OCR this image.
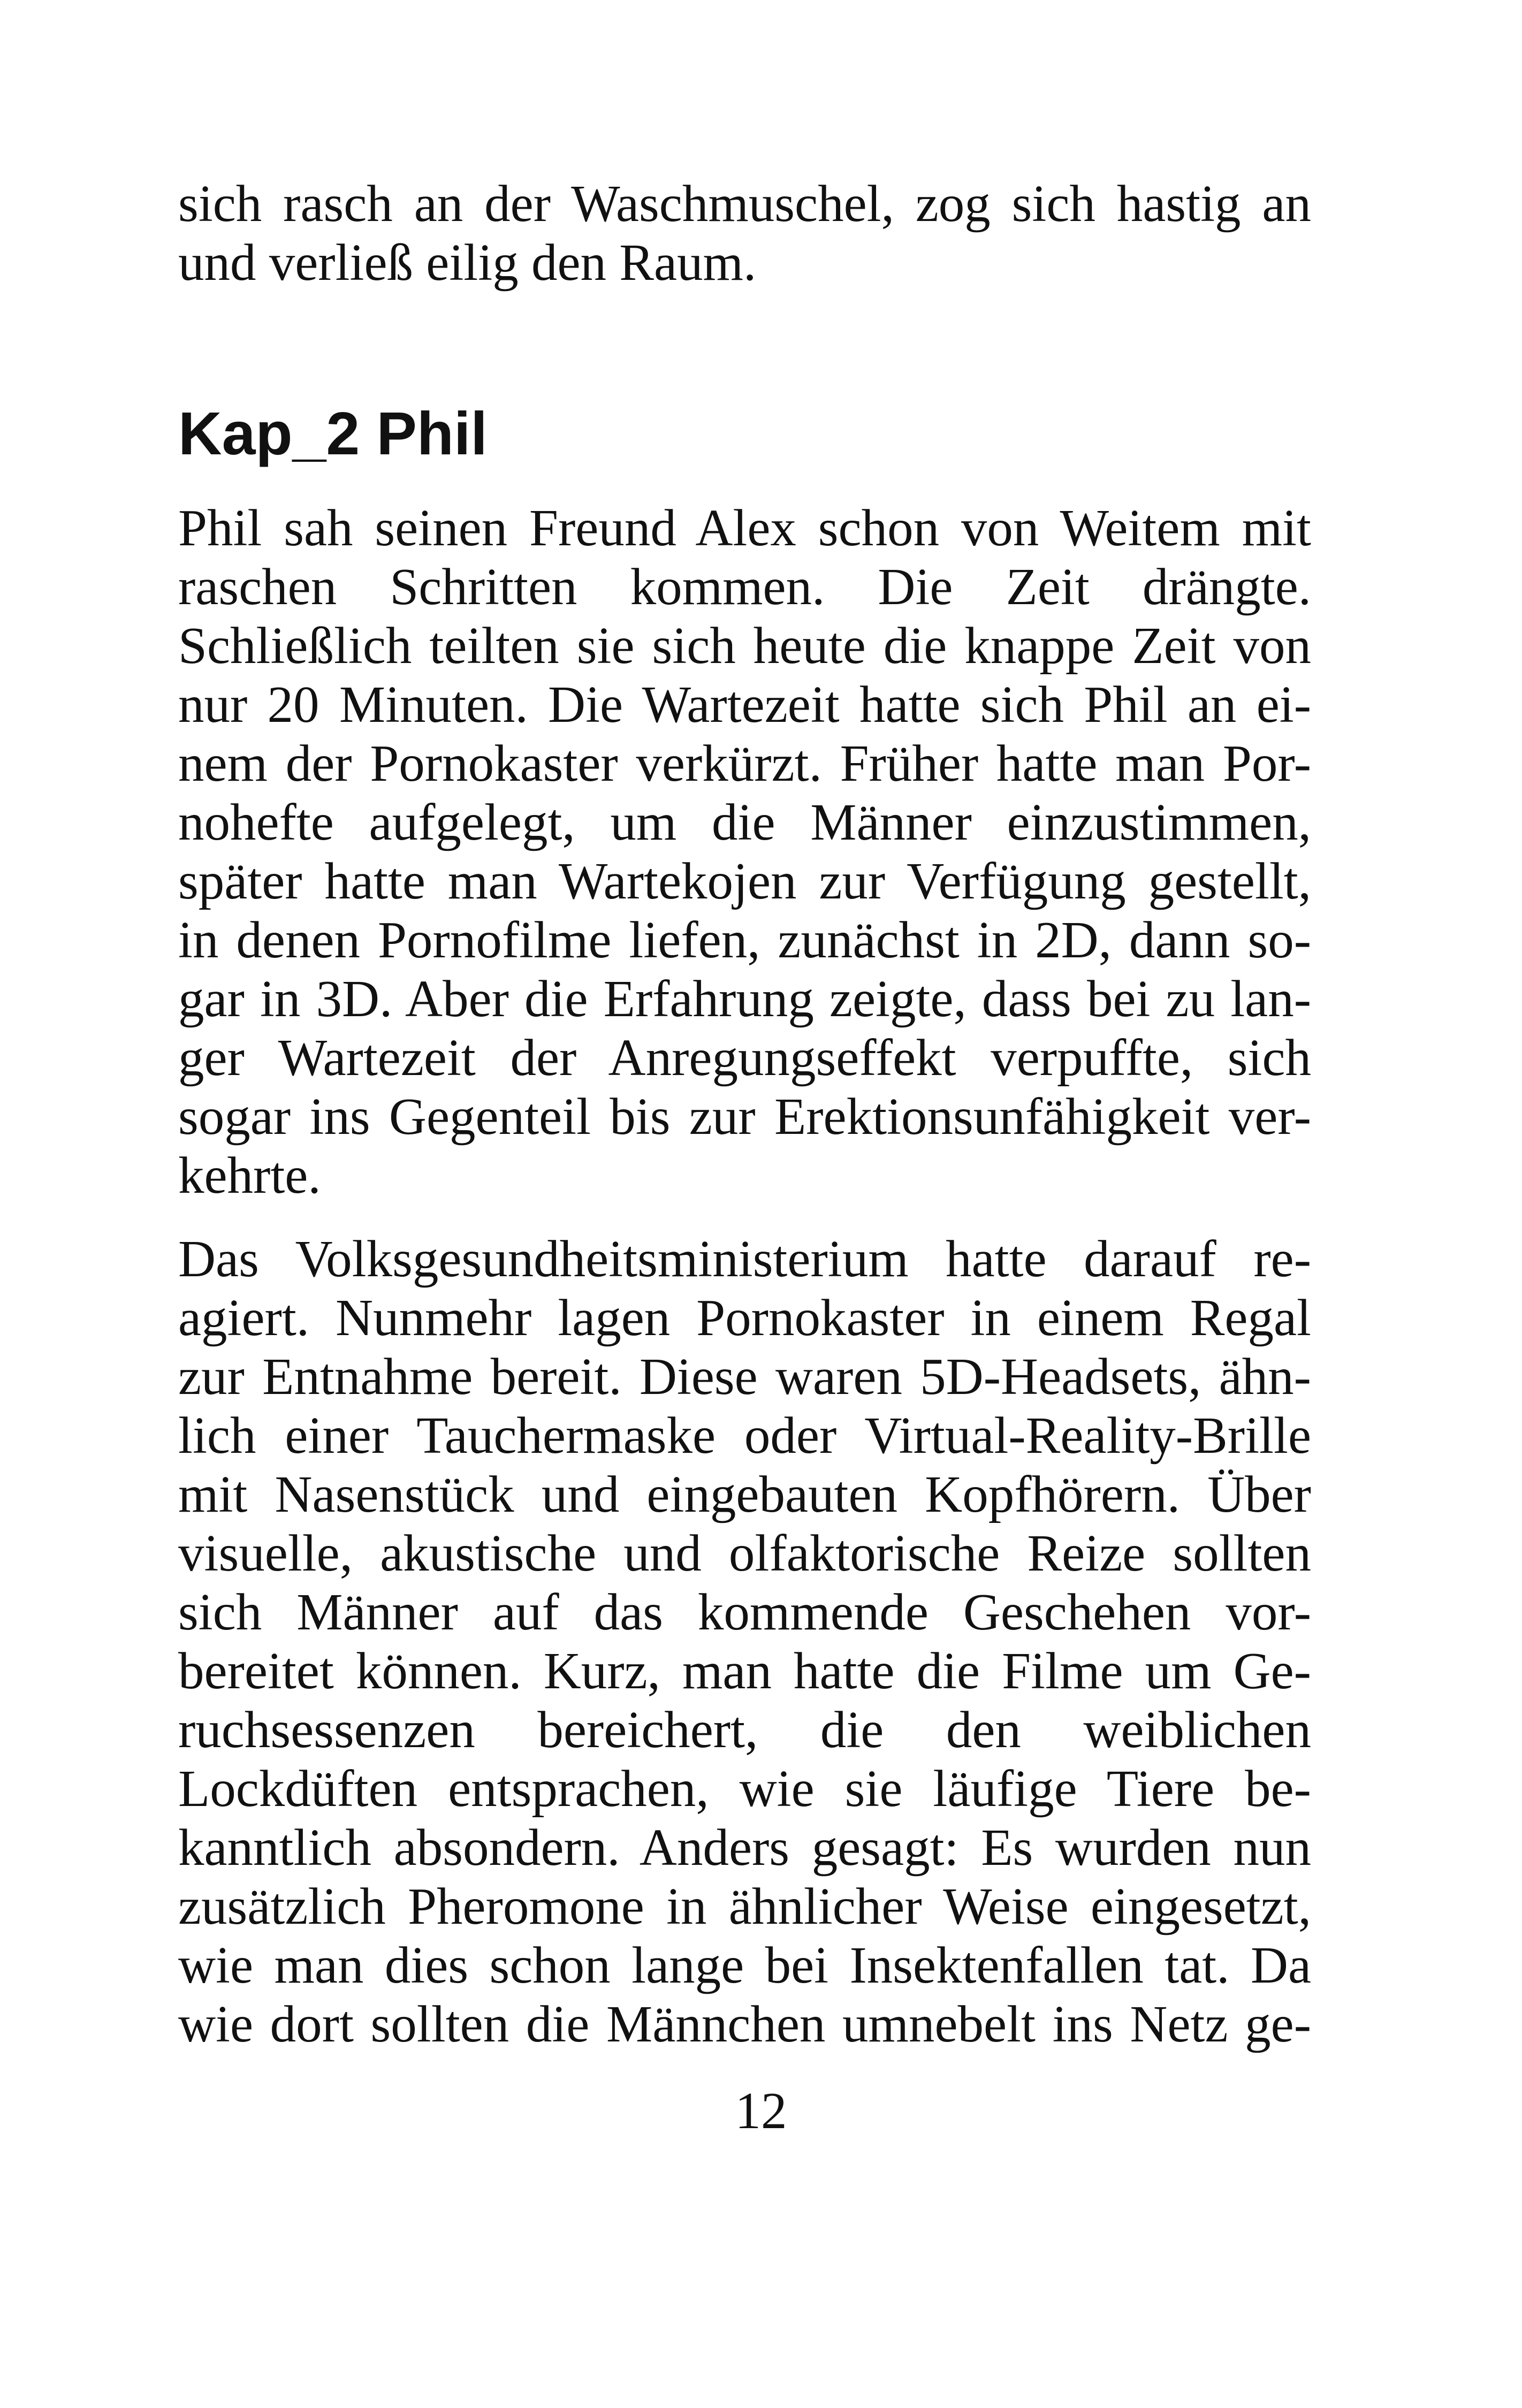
sich rasch an der Waschmuschel, zog sich hastig an
und verließ eilig den Raum.
Kap_2 Phil
Phil sah seinen Freund Alex schon von Weitem mit
raschen Schritten kommen. Die Zeit drängte.
Schließlich teilten sie sich heute die knappe Zeit von
nur 20 Minuten. Die Wartezeit hatte sich Phil an ei-
nem der Pornokaster verkürzt. Früher hatte man Por-
nohefte aufgelegt, um die Männer einzustimmen,
später hatte man Wartekojen zur Verfügung gestellt,
in denen Pornofilme liefen, zunächst in 2D, dann so-
gar in 3D. Aber die Erfahrung zeigte, dass bei zu lan-
ger Wartezeit der Anregungseffekt verpuffte, sich
sogar ins Gegenteil bis zur Erektionsunfähigkeit ver-
kehrte.
Das Volksgesundheitsministerium hatte darauf re-
agiert. Nunmehr lagen Pornokaster in einem Regal
zur Entnahme bereit. Diese waren 5D-Headsets, ähn-
lich einer Tauchermaske oder Virtual-Reality-Brille
mit Nasenstück und eingebauten Kopfhörern. Über
visuelle, akustische und olfaktorische Reize sollten
sich Männer auf das kommende Geschehen vor-
bereitet können. Kurz, man hatte die Filme um Ge-
ruchsessenzen bereichert, die den weiblichen
Lockdüften entsprachen, wie sie läufige Tiere be-
kanntlich absondern. Anders gesagt: Es wurden nun
zusätzlich Pheromone in ähnlicher Weise eingesetzt,
wie man dies schon lange bei Insektenfallen tat. Da
wie dort sollten die Männchen umnebelt ins Netz ge-
12
